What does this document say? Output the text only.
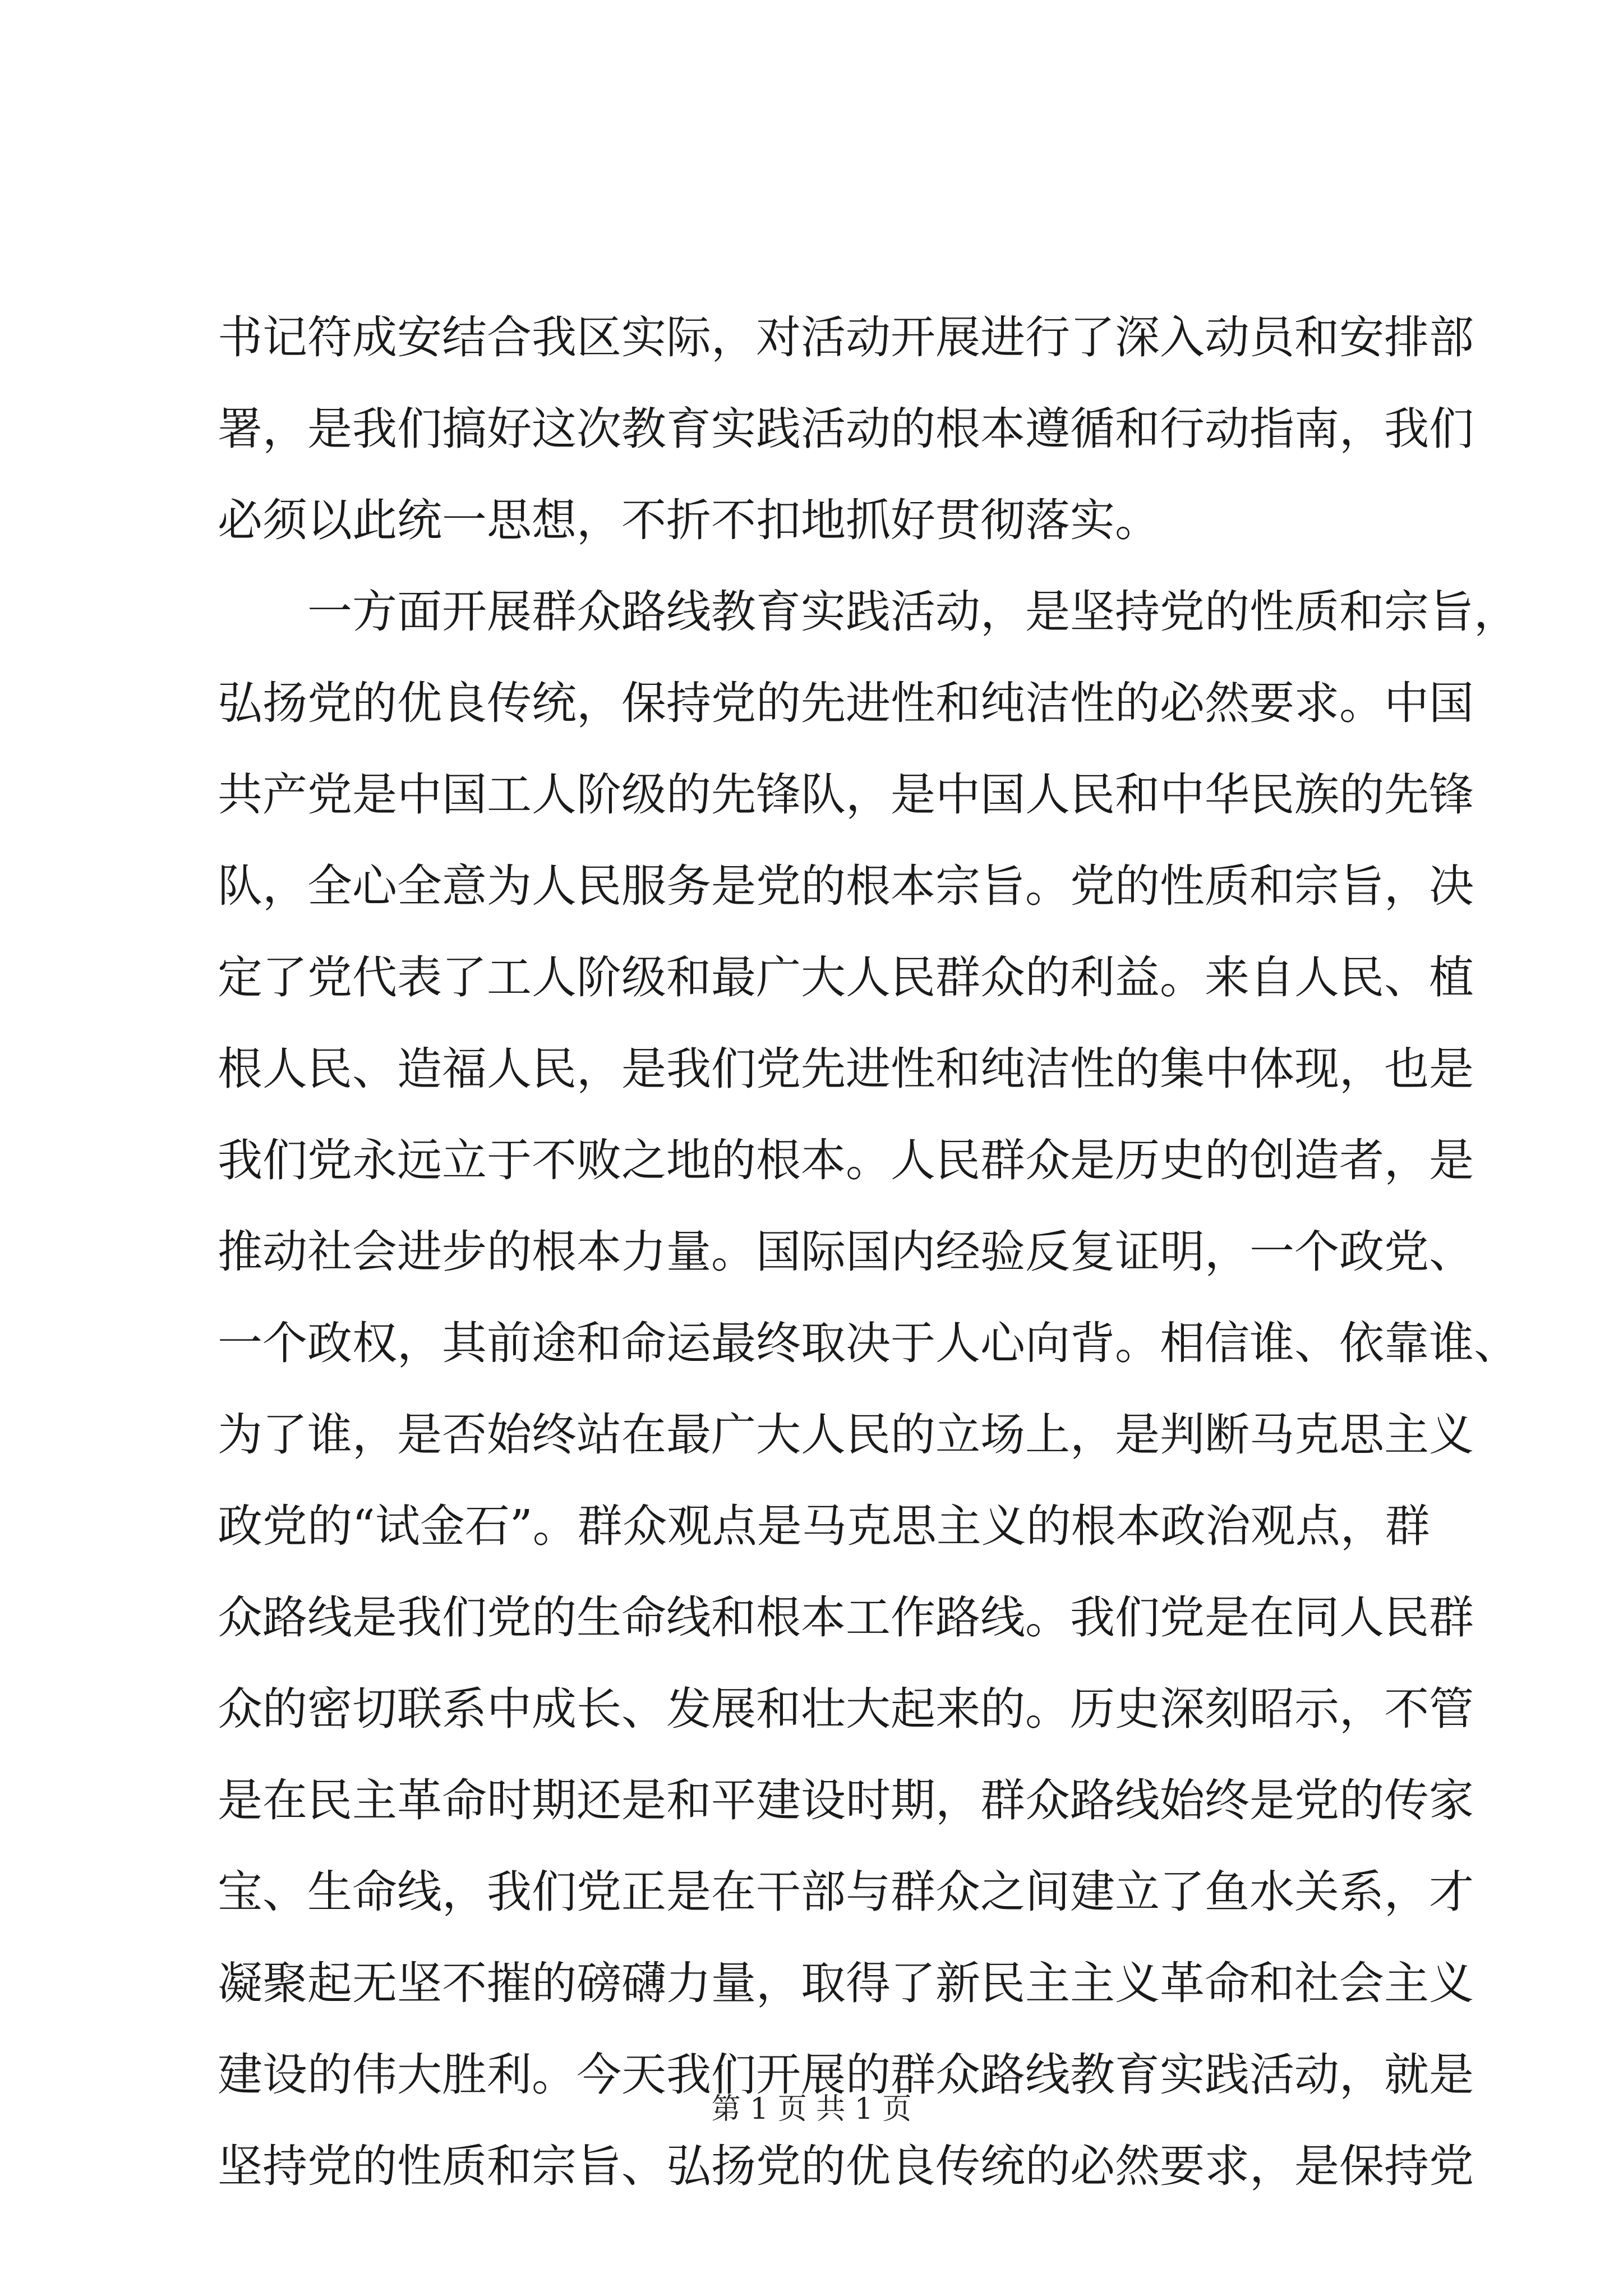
书记符成安结合我区实际，对活动开展进行了深入动员和安排部
署，是我们搞好这次教育实践活动的根本遵循和行动指南，我们
必须以此统一思想，不折不扣地抓好贯彻落实。
一方面开展群众路线教育实践活动，是坚持党的性质和宗旨，
弘扬党的优良传统，保持党的先进性和纯洁性的必然要求。中国
共产党是中国工人阶级的先锋队，是中国人民和中华民族的先锋
队，全心全意为人民服务是党的根本宗旨。党的性质和宗旨，决
定了党代表了工人阶级和最广大人民群众的利益。来自人民、植
根人民、造福人民，是我们党先进性和纯洁性的集中体现，也是
我们党永远立于不败之地的根本。人民群众是历史的创造者，是
推动社会进步的根本力量。国际国内经验反复证明，一个政党、
一个政权，其前途和命运最终取决于人心向背。相信谁、依靠谁、
为了谁，是否始终站在最广大人民的立场上，是判断马克思主义
政党的“试金石”。群众观点是马克思主义的根本政治观点，群
众路线是我们党的生命线和根本工作路线。我们党是在同人民群
众的密切联系中成长、发展和壮大起来的。历史深刻昭示，不管
是在民主革命时期还是和平建设时期，群众路线始终是党的传家
宝、生命线，我们党正是在干部与群众之间建立了鱼水关系，才
凝聚起无坚不摧的磅礴力量，取得了新民主主义革命和社会主义
建设的伟大胜利。今天我们开展的群众路线教育实践活动，就是
坚持党的性质和宗旨、弘扬党的优良传统的必然要求，是保持党
第 1 页 共 1 页
